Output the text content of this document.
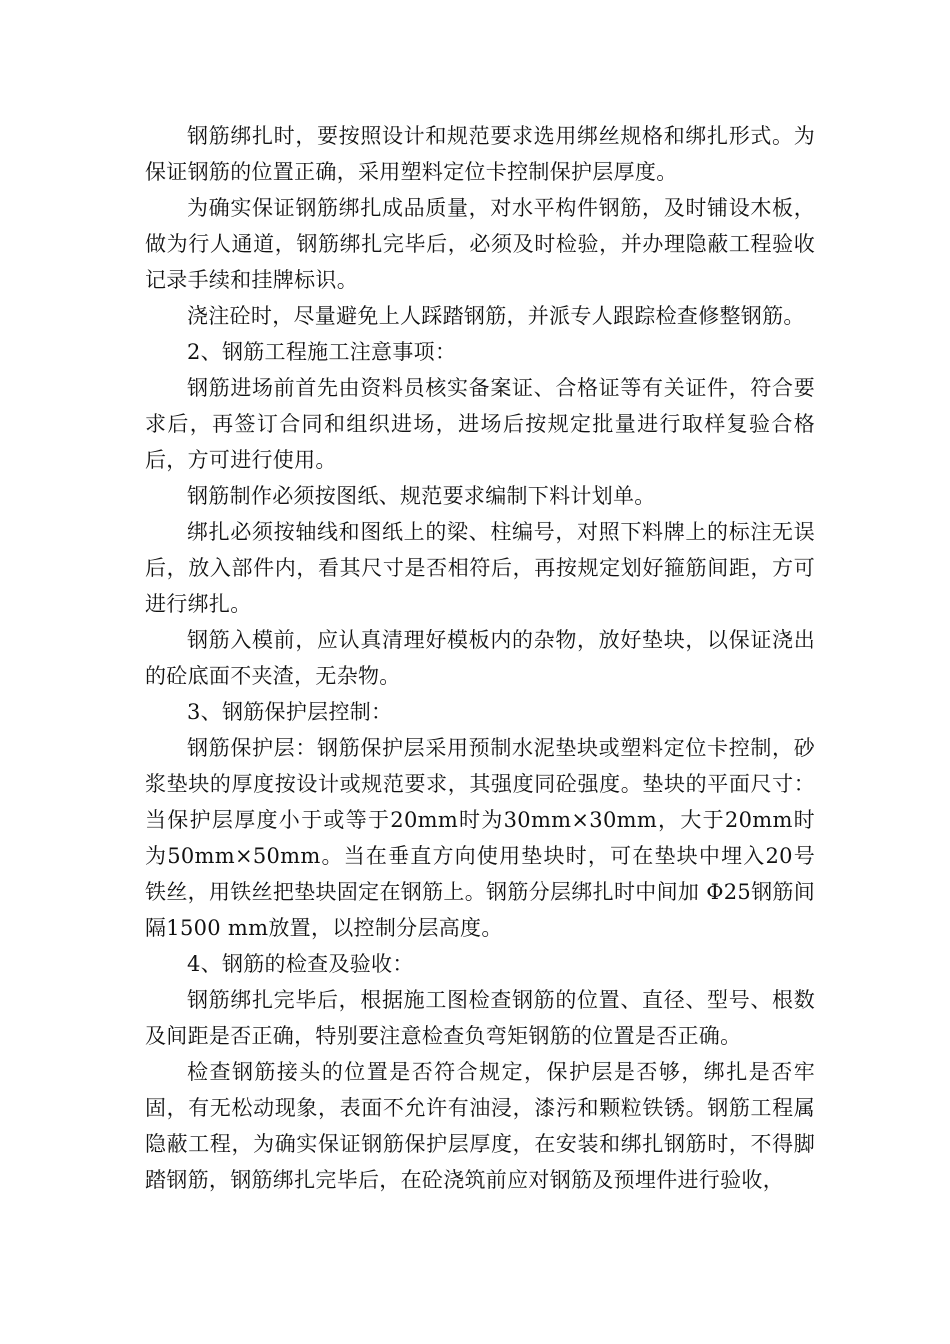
钢筋绑扎时，要按照设计和规范要求选用绑丝规格和绑扎形式。为保证钢筋的位置正确，采用塑料定位卡控制保护层厚度。

为确实保证钢筋绑扎成品质量，对水平构件钢筋，及时铺设木板，做为行人通道，钢筋绑扎完毕后，必须及时检验，并办理隐蔽工程验收记录手续和挂牌标识。

浇注砼时，尽量避免上人踩踏钢筋，并派专人跟踪检查修整钢筋。

2、钢筋工程施工注意事项：

钢筋进场前首先由资料员核实备案证、合格证等有关证件，符合要求后，再签订合同和组织进场，进场后按规定批量进行取样复验合格后，方可进行使用。

钢筋制作必须按图纸、规范要求编制下料计划单。

绑扎必须按轴线和图纸上的梁、柱编号，对照下料牌上的标注无误后，放入部件内，看其尺寸是否相符后，再按规定划好箍筋间距，方可进行绑扎。

钢筋入模前，应认真清理好模板内的杂物，放好垫块，以保证浇出的砼底面不夹渣，无杂物。

3、钢筋保护层控制：

钢筋保护层：钢筋保护层采用预制水泥垫块或塑料定位卡控制，砂浆垫块的厚度按设计或规范要求，其强度同砼强度。垫块的平面尺寸：当保护层厚度小于或等于20mm时为30mm×30mm，大于20mm时为50mm×50mm。当在垂直方向使用垫块时，可在垫块中埋入20号铁丝，用铁丝把垫块固定在钢筋上。钢筋分层绑扎时中间加 Φ25钢筋间隔1500 mm放置，以控制分层高度。

4、钢筋的检查及验收：

钢筋绑扎完毕后，根据施工图检查钢筋的位置、直径、型号、根数及间距是否正确，特别要注意检查负弯矩钢筋的位置是否正确。

检查钢筋接头的位置是否符合规定，保护层是否够，绑扎是否牢固，有无松动现象，表面不允许有油浸，漆污和颗粒铁锈。钢筋工程属隐蔽工程，为确实保证钢筋保护层厚度，在安装和绑扎钢筋时，不得脚踏钢筋，钢筋绑扎完毕后，在砼浇筑前应对钢筋及预埋件进行验收，
